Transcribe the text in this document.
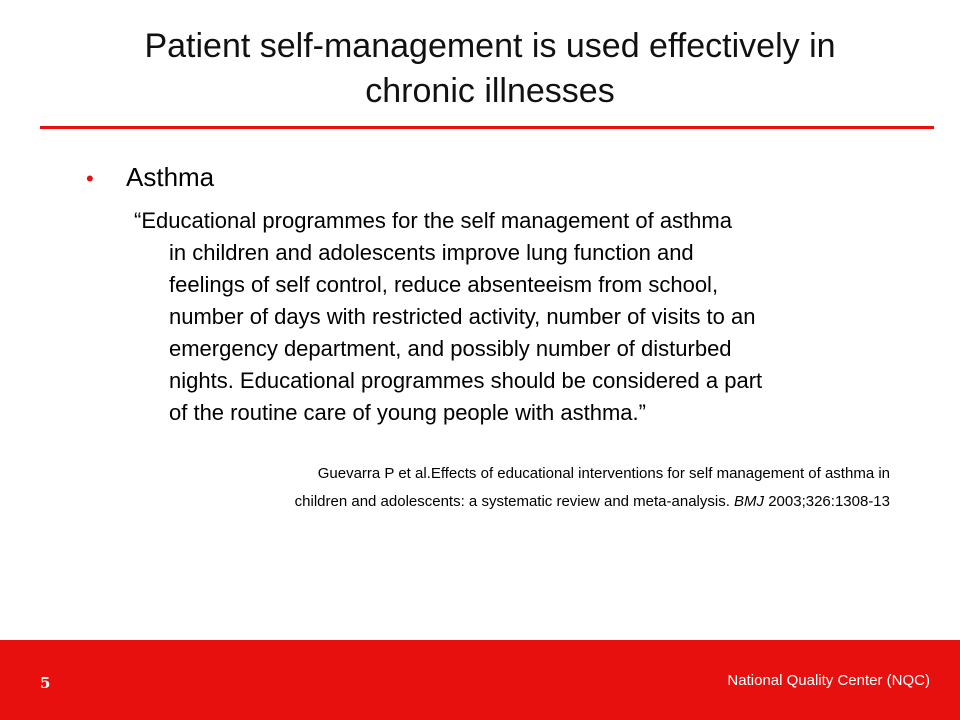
Patient self-management is used effectively in
chronic illnesses
•	Asthma
“Educational programmes for the self management of asthma
in children and adolescents improve lung function and
feelings of self control, reduce absenteeism from school,
number of days with restricted activity, number of visits to an
emergency department, and possibly number of disturbed
nights. Educational programmes should be considered a part
of the routine care of young people with asthma.”
Guevarra P et al.Effects of educational interventions for self management of asthma in
children and adolescents: a systematic review and meta-analysis. BMJ 2003;326:1308-13
5	National Quality Center (NQC)
